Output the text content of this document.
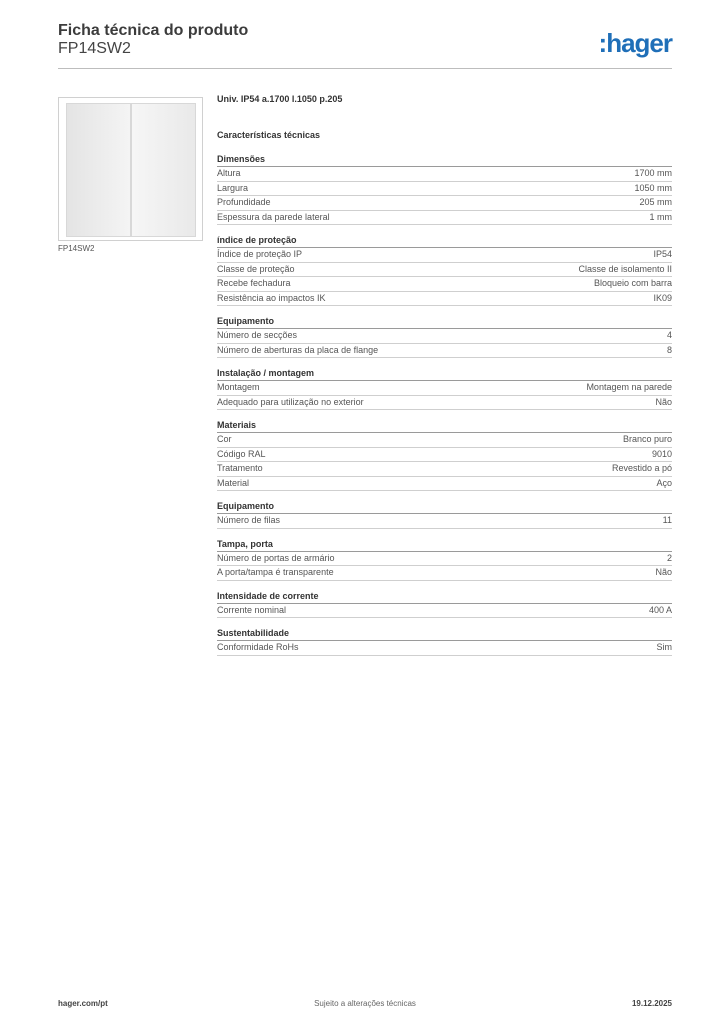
Ficha técnica do produto
FP14SW2	:hager
FP14SW2
Univ. IP54 a.1700 l.1050 p.205
Características técnicas
Dimensões
Altura	1700 mm
Largura	1050 mm
Profundidade	205 mm
Espessura da parede lateral	1 mm
índice de proteção
Índice de proteção IP	IP54
Classe de proteção	Classe de isolamento II
Recebe fechadura	Bloqueio com barra
Resistência ao impactos IK	IK09
Equipamento
Número de secções	4
Número de aberturas da placa de flange	8
Instalação / montagem
Montagem	Montagem na parede
Adequado para utilização no exterior	Não
Materiais
Cor	Branco puro
Código RAL	9010
Tratamento	Revestido a pó
Material	Aço
Equipamento
Número de filas	11
Tampa, porta
Número de portas de armário	2
A porta/tampa é transparente	Não
Intensidade de corrente
Corrente nominal	400 A
Sustentabilidade
Conformidade RoHs	Sim
hager.com/pt	Sujeito a alterações técnicas	19.12.2025
